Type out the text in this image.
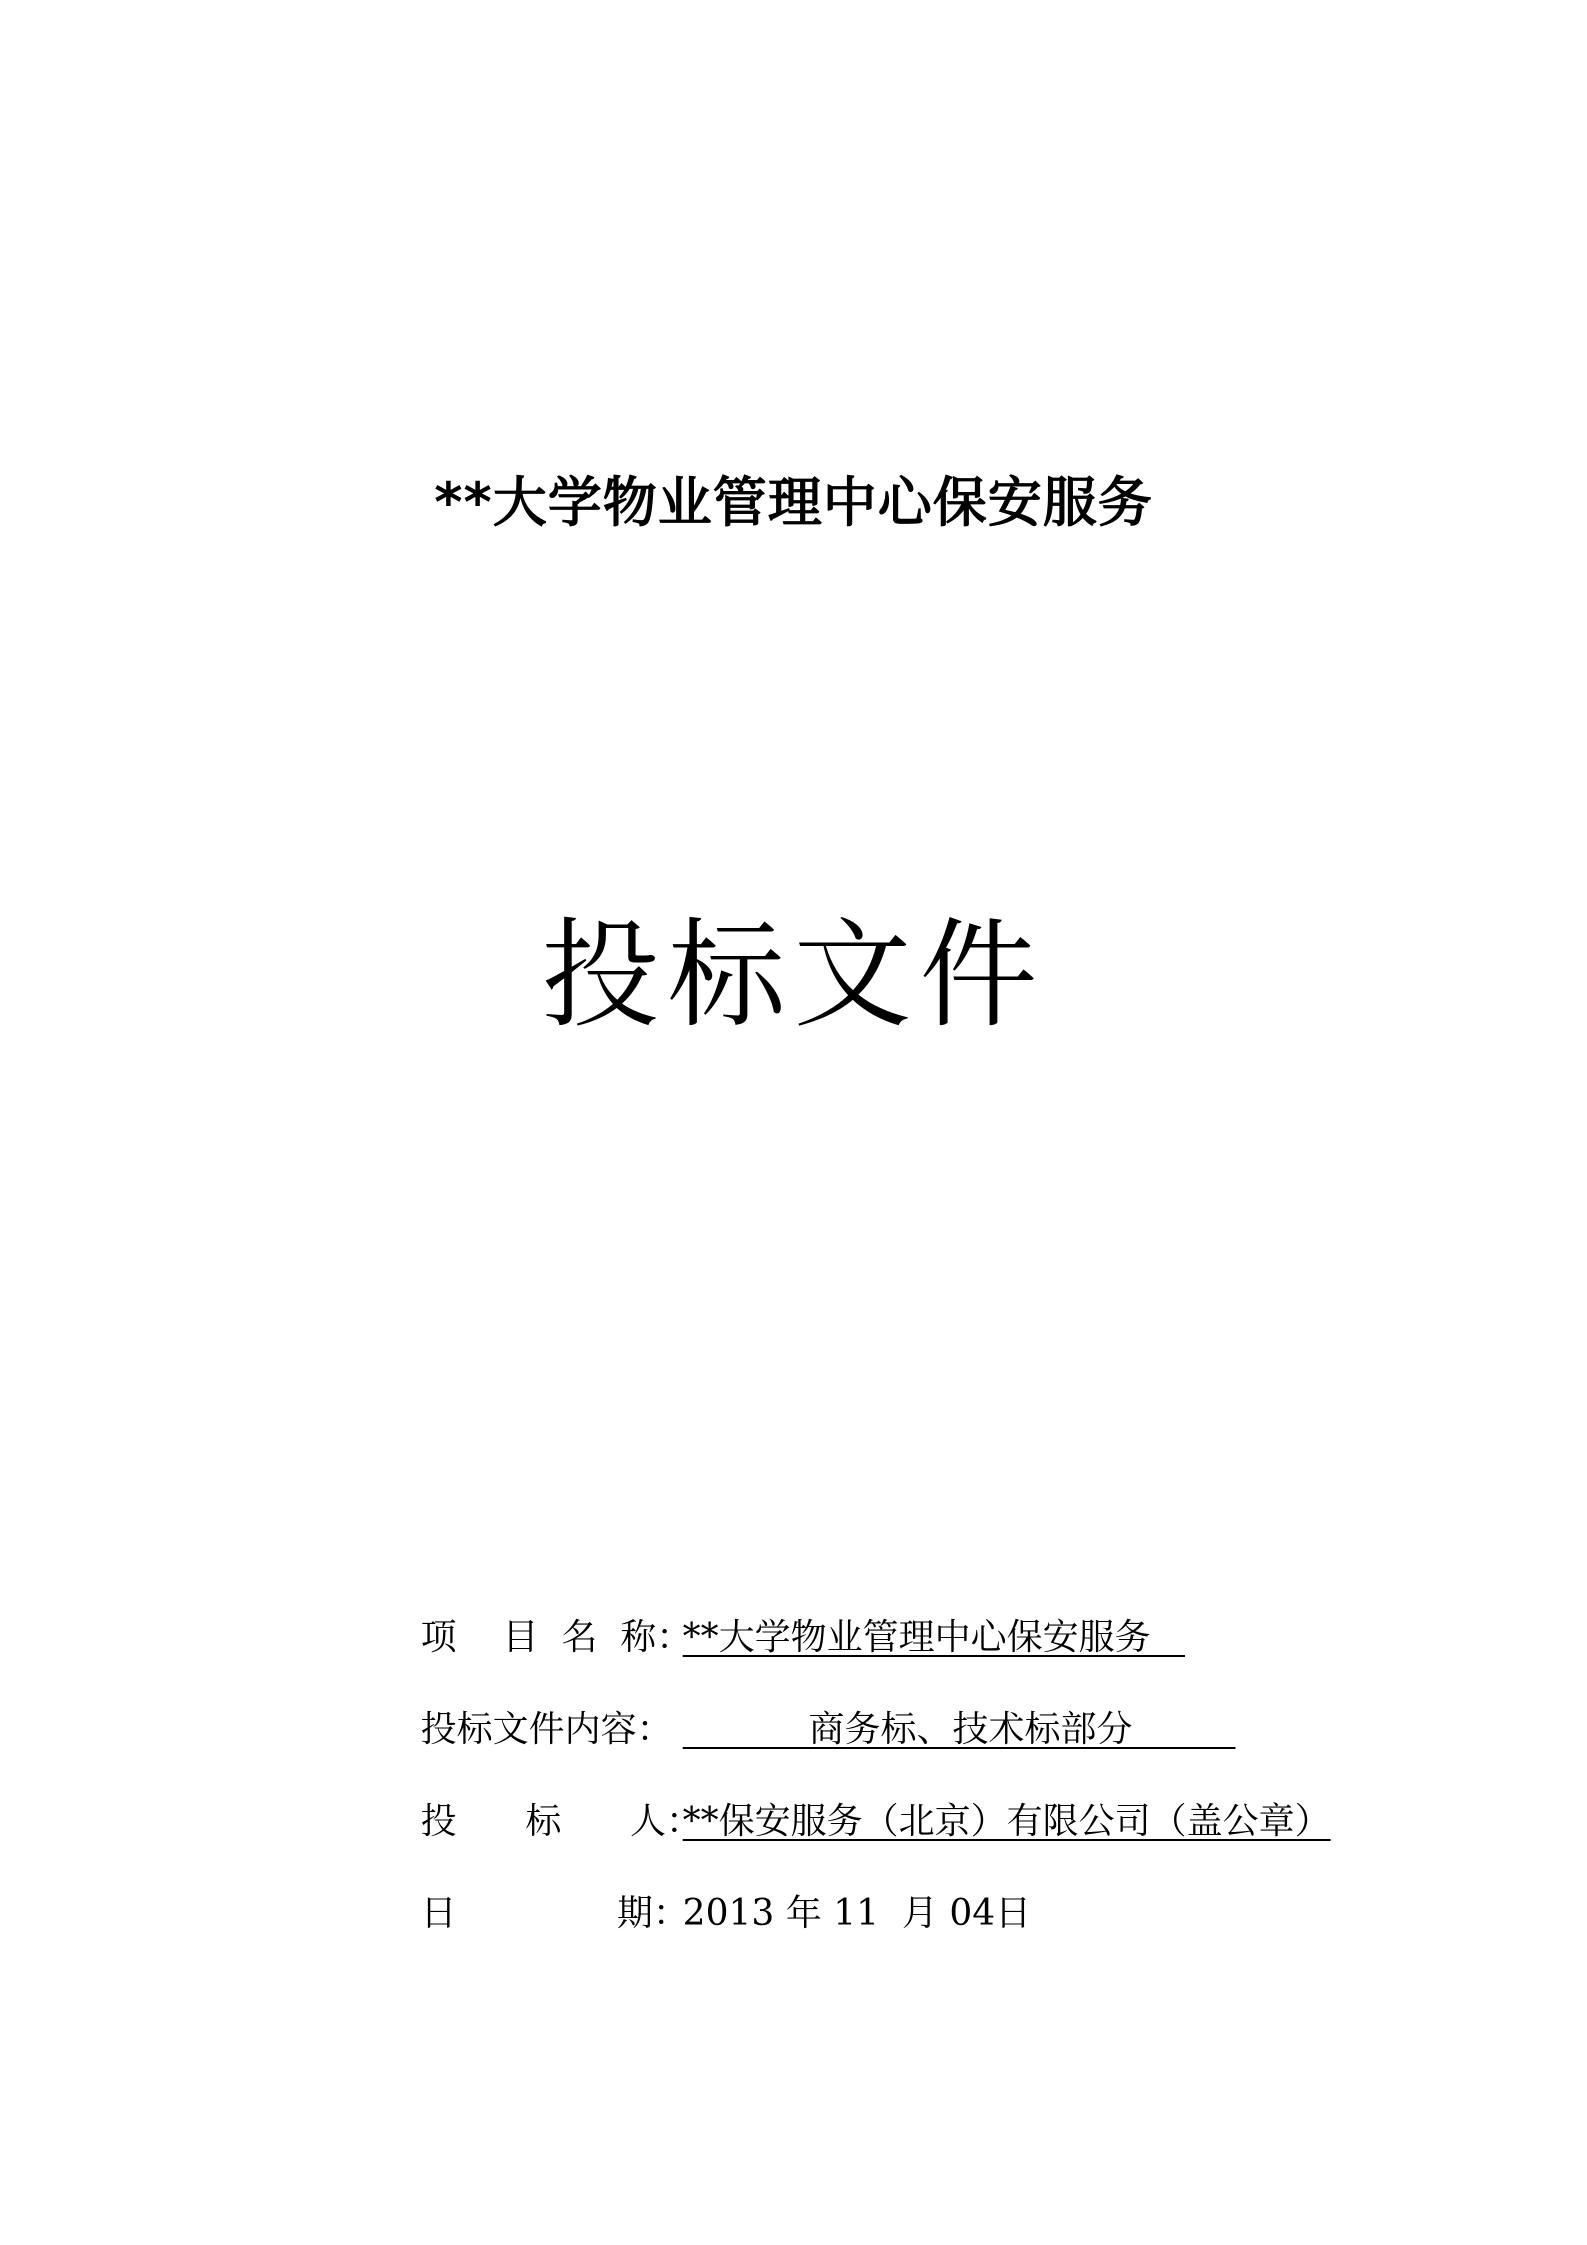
**大学物业管理中心保安服务
投标文件

项    目  名  称：**大学物业管理中心保安服务

投标文件内容：           商务标、技术标部分

投      标      人：**保安服务（北京）有限公司（盖公章）

日              期：2013 年 11  月 04日
